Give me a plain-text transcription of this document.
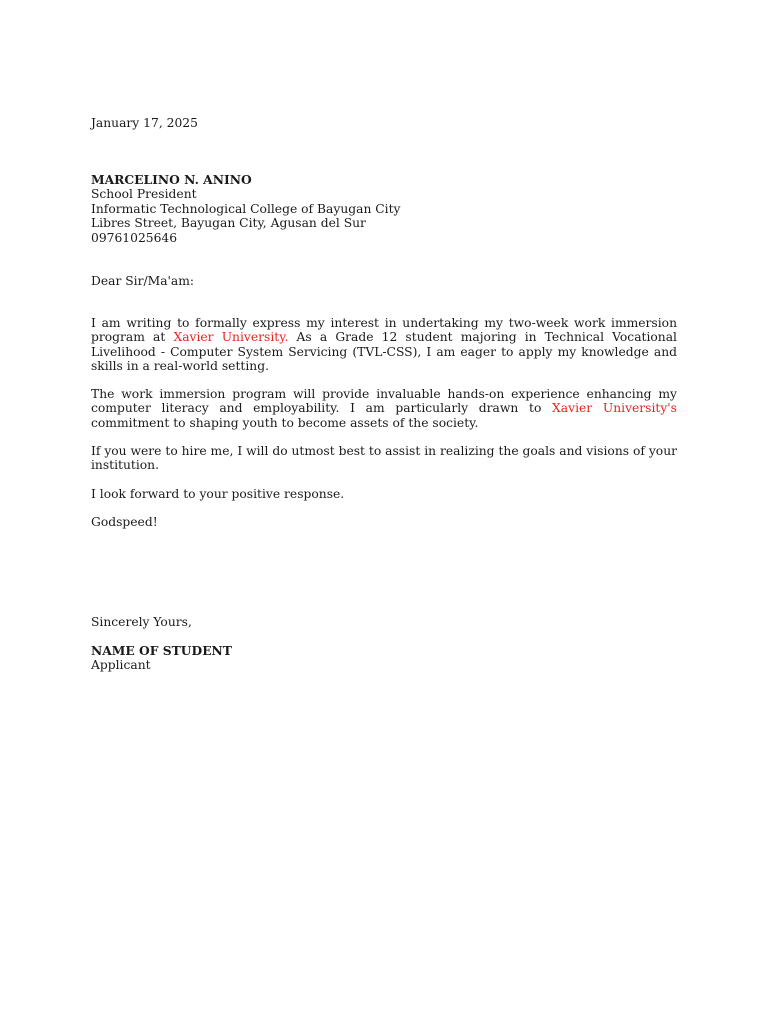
January 17, 2025
MARCELINO N. ANINO
School President
Informatic Technological College of Bayugan City
Libres Street, Bayugan City, Agusan del Sur
09761025646
Dear Sir/Ma'am:

I am writing to formally express my interest in undertaking my two-week work immersion program at Xavier University. As a Grade 12 student majoring in Technical Vocational Livelihood - Computer System Servicing (TVL-CSS), I am eager to apply my knowledge and skills in a real-world setting.

The work immersion program will provide invaluable hands-on experience enhancing my computer literacy and employability. I am particularly drawn to Xavier University's commitment to shaping youth to become assets of the society.

If you were to hire me, I will do utmost best to assist in realizing the goals and visions of your institution.

I look forward to your positive response.

Godspeed!

Sincerely Yours,
NAME OF STUDENT
Applicant
